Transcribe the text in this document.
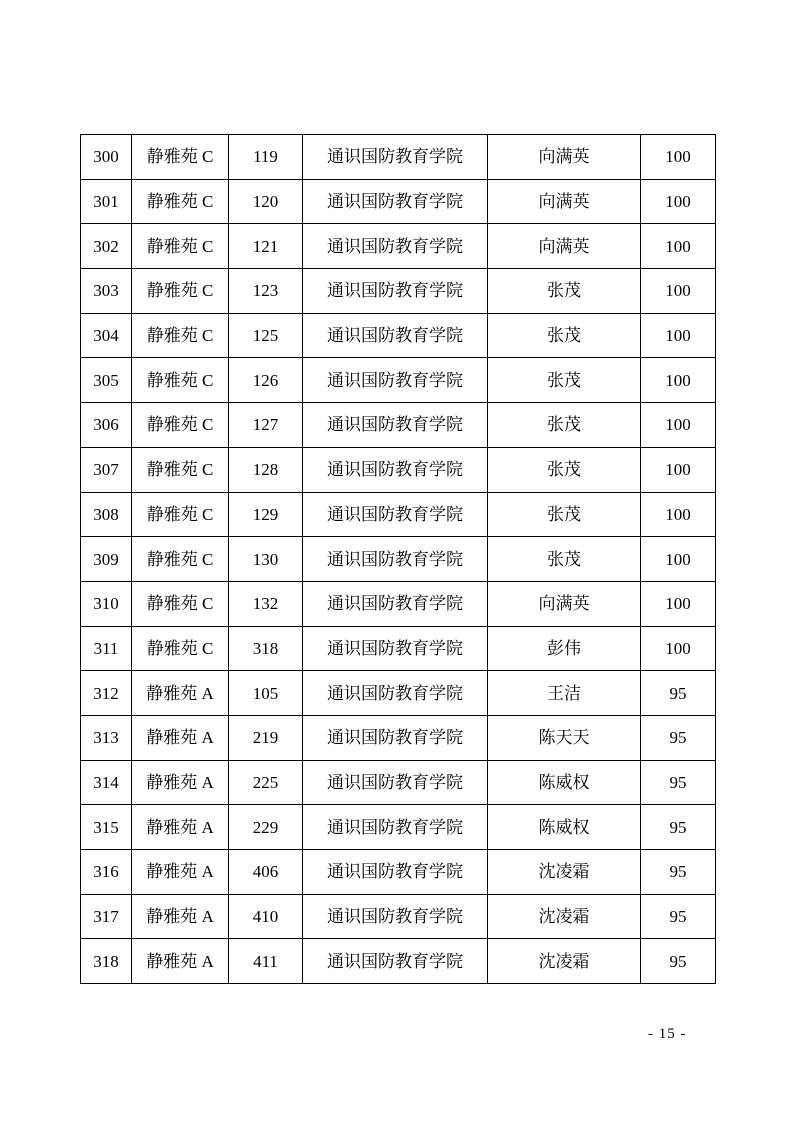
300	静雅苑 C	119	通识国防教育学院	向满英	100
301	静雅苑 C	120	通识国防教育学院	向满英	100
302	静雅苑 C	121	通识国防教育学院	向满英	100
303	静雅苑 C	123	通识国防教育学院	张茂	100
304	静雅苑 C	125	通识国防教育学院	张茂	100
305	静雅苑 C	126	通识国防教育学院	张茂	100
306	静雅苑 C	127	通识国防教育学院	张茂	100
307	静雅苑 C	128	通识国防教育学院	张茂	100
308	静雅苑 C	129	通识国防教育学院	张茂	100
309	静雅苑 C	130	通识国防教育学院	张茂	100
310	静雅苑 C	132	通识国防教育学院	向满英	100
311	静雅苑 C	318	通识国防教育学院	彭伟	100
312	静雅苑 A	105	通识国防教育学院	王洁	95
313	静雅苑 A	219	通识国防教育学院	陈天天	95
314	静雅苑 A	225	通识国防教育学院	陈威权	95
315	静雅苑 A	229	通识国防教育学院	陈威权	95
316	静雅苑 A	406	通识国防教育学院	沈凌霜	95
317	静雅苑 A	410	通识国防教育学院	沈凌霜	95
318	静雅苑 A	411	通识国防教育学院	沈凌霜	95
- 15 -
